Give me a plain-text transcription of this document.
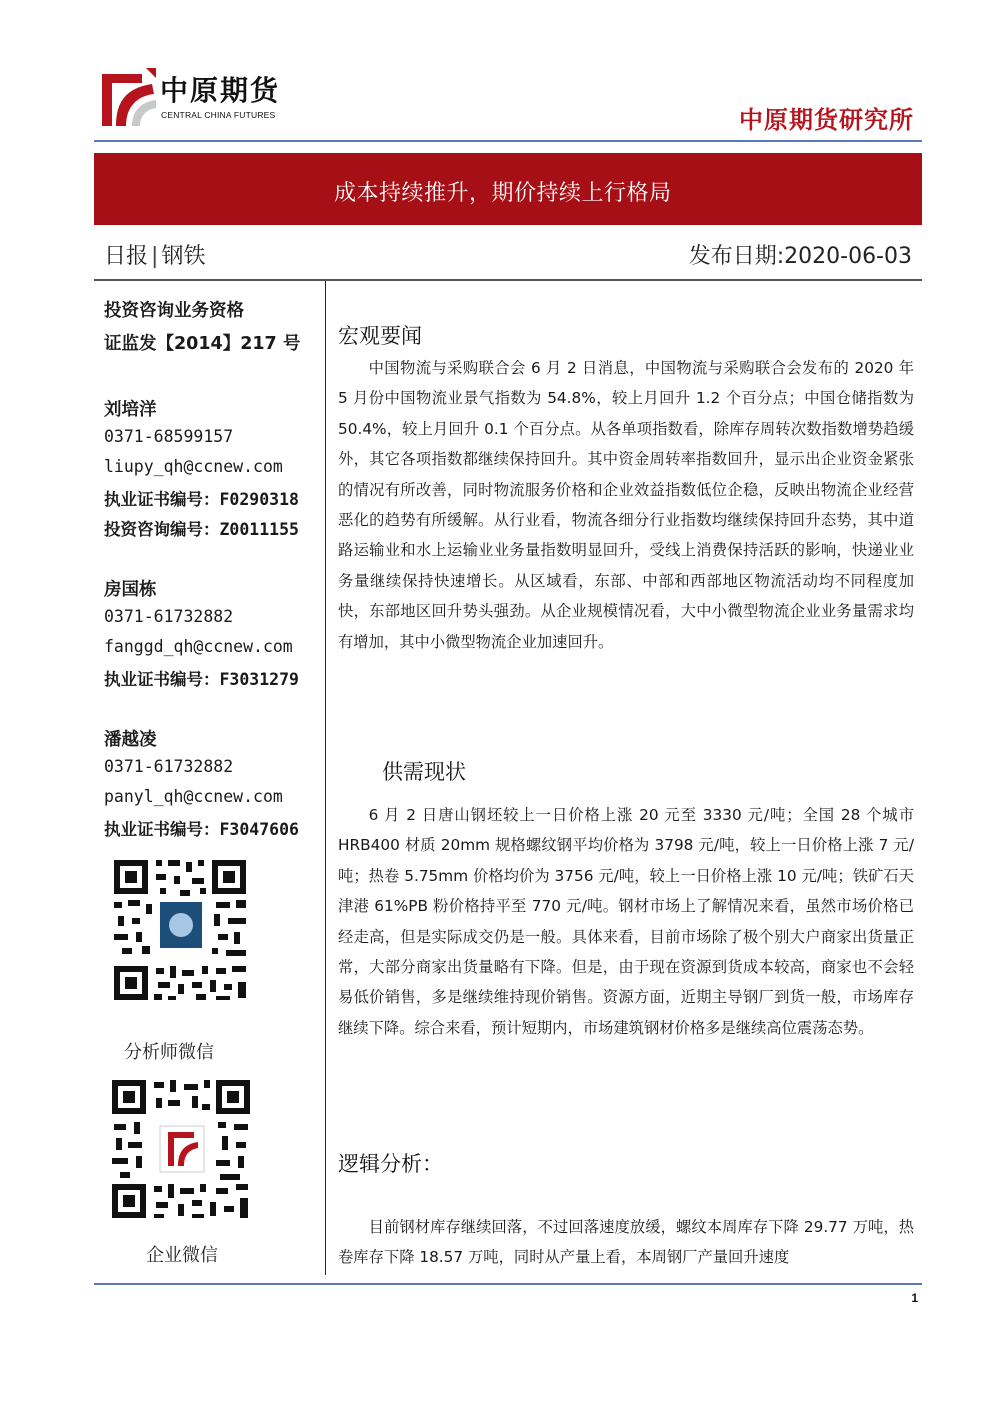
中原期货
CENTRAL CHINA FUTURES	中原期货研究所
成本持续推升，期价持续上行格局
日报 | 钢铁	发布日期:2020-06-03
投资咨询业务资格
证监发【2014】217 号
刘培洋
0371-68599157
liupy_qh@ccnew.com
执业证书编号：F0290318
投资咨询编号：Z0011155
房国栋
0371-61732882
fanggd_qh@ccnew.com
执业证书编号：F3031279
潘越凌
0371-61732882
panyl_qh@ccnew.com
执业证书编号：F3047606
分析师微信
企业微信
宏观要闻
中国物流与采购联合会 6 月 2 日消息，中国物流与采购联合会发布的 2020 年 5 月份中国物流业景气指数为 54.8%，较上月回升 1.2 个百分点；中国仓储指数为 50.4%，较上月回升 0.1 个百分点。从各单项指数看，除库存周转次数指数增势趋缓外，其它各项指数都继续保持回升。其中资金周转率指数回升，显示出企业资金紧张的情况有所改善，同时物流服务价格和企业效益指数低位企稳，反映出物流企业经营恶化的趋势有所缓解。从行业看，物流各细分行业指数均继续保持回升态势，其中道路运输业和水上运输业业务量指数明显回升，受线上消费保持活跃的影响，快递业业务量继续保持快速增长。从区域看，东部、中部和西部地区物流活动均不同程度加快，东部地区回升势头强劲。从企业规模情况看，大中小微型物流企业业务量需求均有增加，其中小微型物流企业加速回升。
供需现状
6 月 2 日唐山钢坯较上一日价格上涨 20 元至 3330 元/吨；全国 28 个城市 HRB400 材质 20mm 规格螺纹钢平均价格为 3798 元/吨，较上一日价格上涨 7 元/吨；热卷 5.75mm 价格均价为 3756 元/吨，较上一日价格上涨 10 元/吨；铁矿石天津港 61%PB 粉价格持平至 770 元/吨。钢材市场上了解情况来看，虽然市场价格已经走高，但是实际成交仍是一般。具体来看，目前市场除了极个别大户商家出货量正常，大部分商家出货量略有下降。但是，由于现在资源到货成本较高，商家也不会轻易低价销售，多是继续维持现价销售。资源方面，近期主导钢厂到货一般，市场库存继续下降。综合来看，预计短期内，市场建筑钢材价格多是继续高位震荡态势。
逻辑分析：
目前钢材库存继续回落，不过回落速度放缓，螺纹本周库存下降 29.77 万吨，热卷库存下降 18.57 万吨，同时从产量上看，本周钢厂产量回升速度
1
